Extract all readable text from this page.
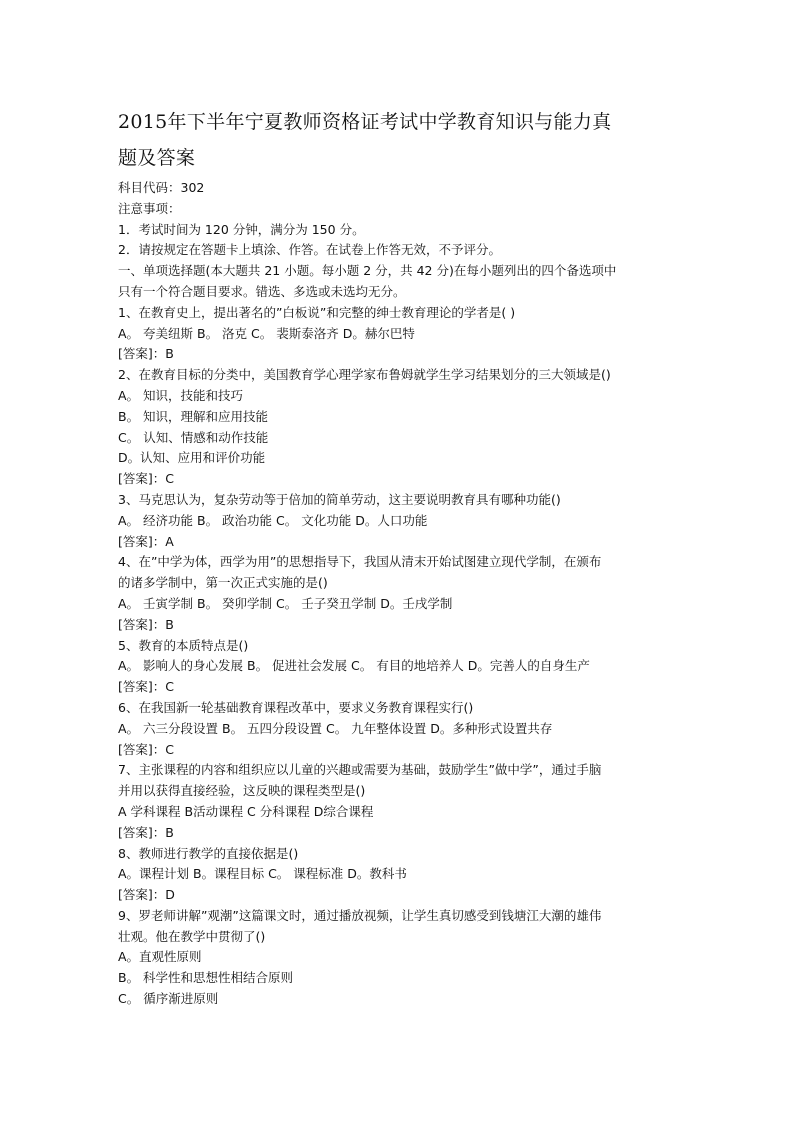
2015年下半年宁夏教师资格证考试中学教育知识与能力真
题及答案
科目代码：302
注意事项：
1．考试时间为 120 分钟，满分为 150 分。
2．请按规定在答题卡上填涂、作答。在试卷上作答无效，不予评分。
一、单项选择题(本大题共 21 小题。每小题 2 分，共 42 分)在每小题列出的四个备选项中
只有一个符合题目要求。错选、多选或未选均无分。
1、在教育史上，提出著名的”白板说”和完整的绅士教育理论的学者是( )
A。 夸美纽斯 B。 洛克 C。 裴斯泰洛齐 D。赫尔巴特
[答案]：B
2、在教育目标的分类中，美国教育学心理学家布鲁姆就学生学习结果划分的三大领域是()
A。 知识，技能和技巧
B。 知识，理解和应用技能
C。 认知、情感和动作技能
D。认知、应用和评价功能
[答案]：C
3、马克思认为，复杂劳动等于倍加的简单劳动，这主要说明教育具有哪种功能()
A。 经济功能 B。 政治功能 C。 文化功能 D。人口功能
[答案]：A
4、在”中学为体，西学为用”的思想指导下，我国从清末开始试图建立现代学制，在颁布
的诸多学制中，第一次正式实施的是()
A。 壬寅学制 B。 癸卯学制 C。 壬子癸丑学制 D。壬戌学制
[答案]：B
5、教育的本质特点是()
A。 影响人的身心发展 B。 促进社会发展 C。 有目的地培养人 D。完善人的自身生产
[答案]：C
6、在我国新一轮基础教育课程改革中，要求义务教育课程实行()
A。 六三分段设置 B。 五四分段设置 C。 九年整体设置 D。多种形式设置共存
[答案]：C
7、主张课程的内容和组织应以儿童的兴趣或需要为基础，鼓励学生”做中学”，通过手脑
并用以获得直接经验，这反映的课程类型是()
A 学科课程 B活动课程 C 分科课程 D综合课程
[答案]：B
8、教师进行教学的直接依据是()
A。课程计划 B。课程目标 C。 课程标准 D。教科书
[答案]：D
9、罗老师讲解”观潮”这篇课文时，通过播放视频，让学生真切感受到钱塘江大潮的雄伟
壮观。他在教学中贯彻了()
A。直观性原则
B。 科学性和思想性相结合原则
C。 循序渐进原则
